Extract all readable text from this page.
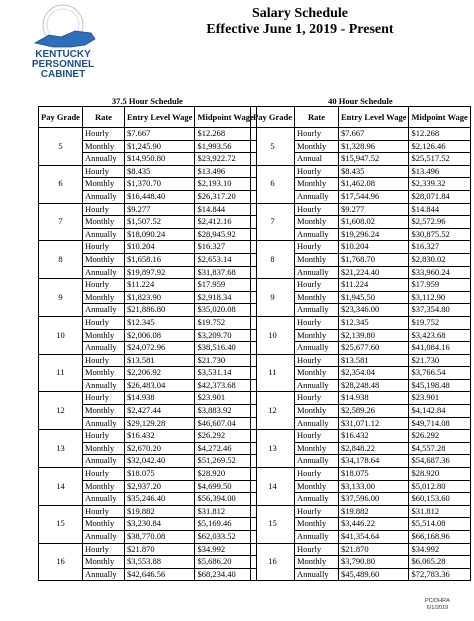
KENTUCKY
PERSONNEL
CABINET
Salary Schedule
Effective June 1, 2019 - Present
37.5 Hour Schedule
Pay Grade	Rate	Entry Level Wage	Midpoint Wage
5	Hourly	$7.667	$12.268
	Monthly	$1,245.90	$1,993.56
	Annually	$14,950.80	$23,922.72
6	Hourly	$8.435	$13.496
	Monthly	$1,370.70	$2,193.10
	Annually	$16,448.40	$26,317.20
7	Hourly	$9.277	$14.844
	Monthly	$1,507.52	$2,412.16
	Annually	$18,090.24	$28,945.92
8	Hourly	$10.204	$16.327
	Monthly	$1,658.16	$2,653.14
	Annually	$19,897.92	$31,837.68
9	Hourly	$11.224	$17.959
	Monthly	$1,823.90	$2,918.34
	Annually	$21,886.80	$35,020.08
10	Hourly	$12.345	$19.752
	Monthly	$2,006.08	$3,209.70
	Annually	$24,072.96	$38,516.40
11	Hourly	$13.581	$21.730
	Monthly	$2,206.92	$3,531.14
	Annually	$26,483.04	$42,373.68
12	Hourly	$14.938	$23.901
	Monthly	$2,427.44	$3,883.92
	Annually	$29,129.28	$46,607.04
13	Hourly	$16.432	$26.292
	Monthly	$2,670.20	$4,272.46
	Annually	$32,042.40	$51,269.52
14	Hourly	$18.075	$28.920
	Monthly	$2,937.20	$4,699.50
	Annually	$35,246.40	$56,394.00
15	Hourly	$19.882	$31.812
	Monthly	$3,230.84	$5,169.46
	Annually	$38,770.08	$62,033.52
16	Hourly	$21.870	$34.992
	Monthly	$3,553.88	$5,686.20
	Annually	$42,646.56	$68,234.40
40 Hour Schedule
Pay Grade	Rate	Entry Level Wage	Midpoint Wage
5	Hourly	$7.667	$12.268
	Monthly	$1,328.96	$2,126.46
	Annual	$15,947.52	$25,517.52
6	Hourly	$8.435	$13.496
	Monthly	$1,462.08	$2,339.32
	Annually	$17,544.96	$28,071.84
7	Hourly	$9.277	$14.844
	Monthly	$1,608.02	$2,572.96
	Annually	$19,296.24	$30,875.52
8	Hourly	$10.204	$16.327
	Monthly	$1,768.70	$2,830.02
	Annually	$21,224.40	$33,960.24
9	Hourly	$11.224	$17.959
	Monthly	$1,945.50	$3,112.90
	Annually	$23,346.00	$37,354.80
10	Hourly	$12.345	$19.752
	Monthly	$2,139.80	$3,423.68
	Annually	$25,677.60	$41,084.16
11	Hourly	$13.581	$21.730
	Monthly	$2,354.04	$3,766.54
	Annually	$28,248.48	$45,198.48
12	Hourly	$14.938	$23.901
	Monthly	$2,589.26	$4,142.84
	Annually	$31,071.12	$49,714.08
13	Hourly	$16.432	$26.292
	Monthly	$2,848.22	$4,557.28
	Annually	$34,178.64	$54,687.36
14	Hourly	$18.075	$28.920
	Monthly	$3,133.00	$5,012.80
	Annually	$37,596.00	$60,153.60
15	Hourly	$19.882	$31.812
	Monthly	$3,446.22	$5,514.08
	Annually	$41,354.64	$66,168.96
16	Hourly	$21.870	$34.992
	Monthly	$3,790.80	$6,065.28
	Annually	$45,489.60	$72,783.36
PC/DHRA
6/1/2019
